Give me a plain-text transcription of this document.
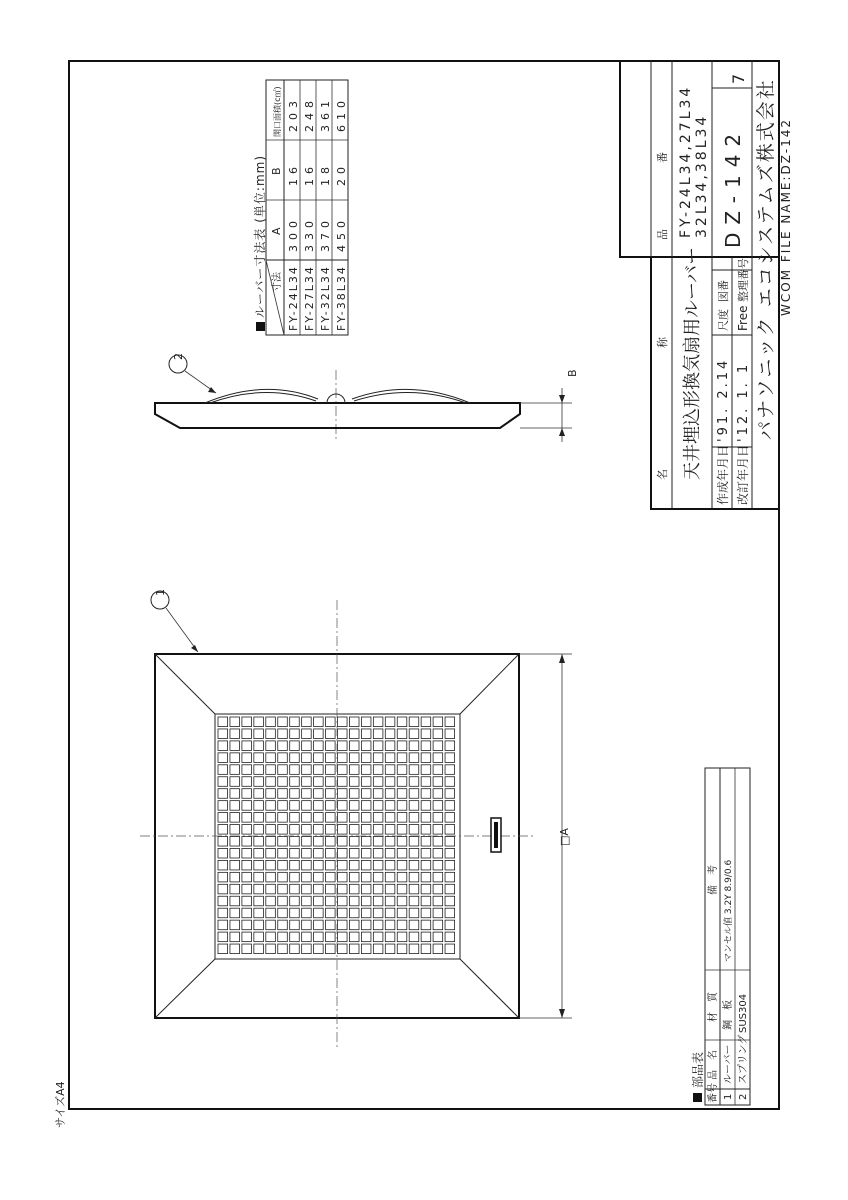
名　　　　　　　　　　称 天井埋込形換気扇用ルーバー
品　　　　　　番 FY-24L34,27L34 32L34,38L34
作成年月日
'91. 2.14
改訂年月日
'12. 1. 1
尺度 Free
図番 整理番号
DZ-142
7 パナソニック エコシステムズ株式会社 WCOM FILE NAME:DZ-142
ルーバー寸法表 (単位:mm) 寸法
A
B
開口面積(c㎡)
FY-24L34
300
16
203
FY-27L34
330
16
248
FY-32L34
370
18
361
FY-38L34
450
20
610
B
2
□A
1
部品表
番号
品　名
材　質
備　考
1
ルーバー
鋼　板
マンセル値 3.2Y 8.9/0.6
2
スプリング
SUS304
サイズA4
